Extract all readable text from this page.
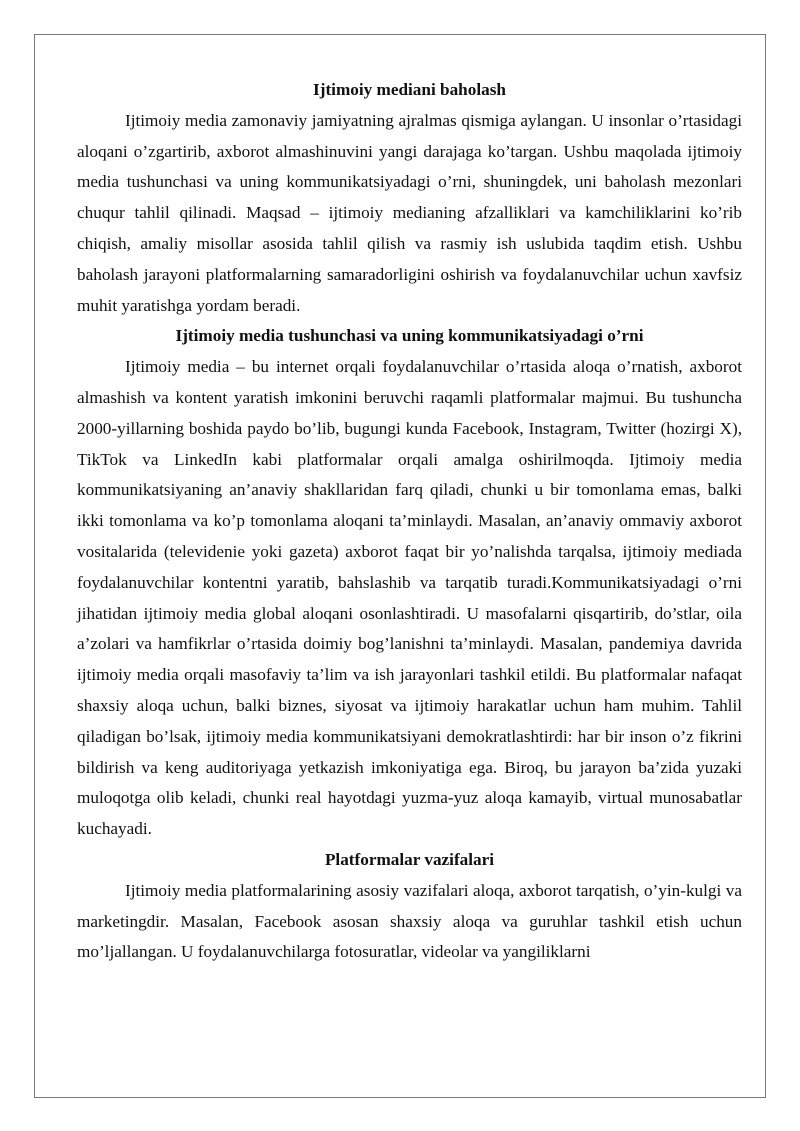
Ijtimoiy mediani baholash

Ijtimoiy media zamonaviy jamiyatning ajralmas qismiga aylangan. U insonlar o’rtasidagi aloqani o’zgartirib, axborot almashinuvini yangi darajaga ko’targan. Ushbu maqolada ijtimoiy media tushunchasi va uning kommunikatsiyadagi o’rni, shuningdek, uni baholash mezonlari chuqur tahlil qilinadi. Maqsad – ijtimoiy medianing afzalliklari va kamchiliklarini ko’rib chiqish, amaliy misollar asosida tahlil qilish va rasmiy ish uslubida taqdim etish. Ushbu baholash jarayoni platformalarning samaradorligini oshirish va foydalanuvchilar uchun xavfsiz muhit yaratishga yordam beradi.

Ijtimoiy media tushunchasi va uning kommunikatsiyadagi o’rni

Ijtimoiy media – bu internet orqali foydalanuvchilar o’rtasida aloqa o’rnatish, axborot almashish va kontent yaratish imkonini beruvchi raqamli platformalar majmui. Bu tushuncha 2000-yillarning boshida paydo bo’lib, bugungi kunda Facebook, Instagram, Twitter (hozirgi X), TikTok va LinkedIn kabi platformalar orqali amalga oshirilmoqda. Ijtimoiy media kommunikatsiyaning an’anaviy shakllaridan farq qiladi, chunki u bir tomonlama emas, balki ikki tomonlama va ko’p tomonlama aloqani ta’minlaydi. Masalan, an’anaviy ommaviy axborot vositalarida (televidenie yoki gazeta) axborot faqat bir yo’nalishda tarqalsa, ijtimoiy mediada foydalanuvchilar kontentni yaratib, bahslashib va tarqatib turadi.Kommunikatsiyadagi o’rni jihatidan ijtimoiy media global aloqani osonlashtiradi. U masofalarni qisqartirib, do’stlar, oila a’zolari va hamfikrlar o’rtasida doimiy bog’lanishni ta’minlaydi. Masalan, pandemiya davrida ijtimoiy media orqali masofaviy ta’lim va ish jarayonlari tashkil etildi. Bu platformalar nafaqat shaxsiy aloqa uchun, balki biznes, siyosat va ijtimoiy harakatlar uchun ham muhim. Tahlil qiladigan bo’lsak, ijtimoiy media kommunikatsiyani demokratlashtirdi: har bir inson o’z fikrini bildirish va keng auditoriyaga yetkazish imkoniyatiga ega. Biroq, bu jarayon ba’zida yuzaki muloqotga olib keladi, chunki real hayotdagi yuzma-yuz aloqa kamayib, virtual munosabatlar kuchayadi.

Platformalar vazifalari

Ijtimoiy media platformalarining asosiy vazifalari aloqa, axborot tarqatish, o’yin-kulgi va marketingdir. Masalan, Facebook asosan shaxsiy aloqa va guruhlar tashkil etish uchun mo’ljallangan. U foydalanuvchilarga fotosuratlar, videolar va yangiliklarni
